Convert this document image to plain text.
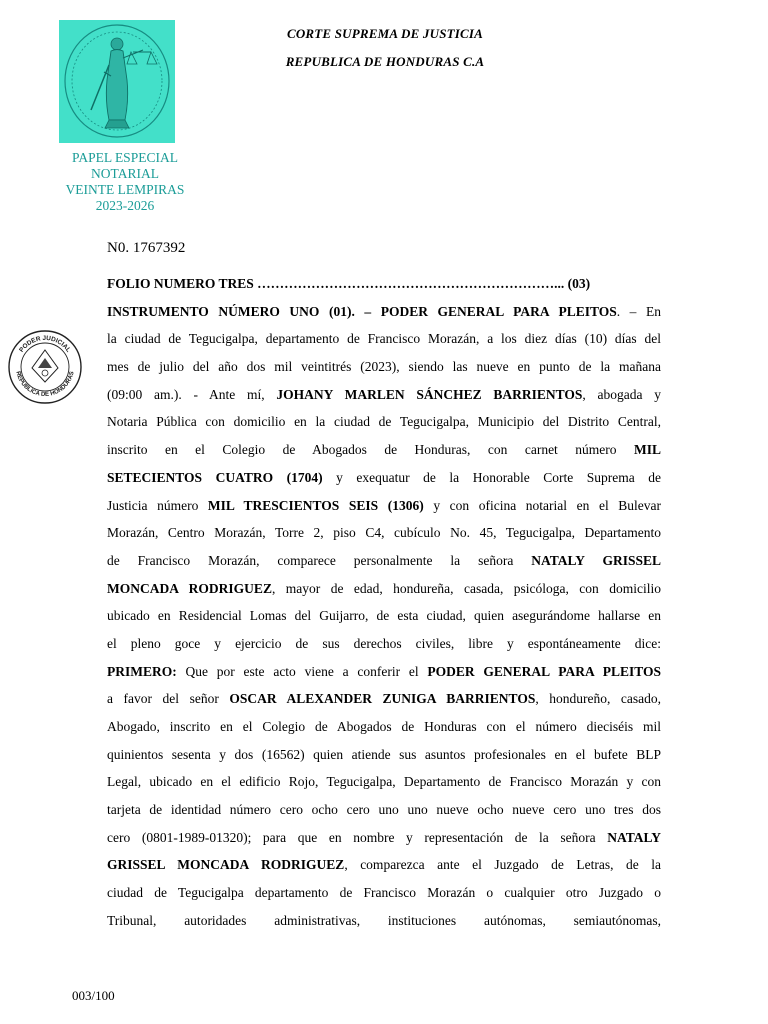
PAPEL ESPECIAL
NOTARIAL
VEINTE LEMPIRAS
2023-2026
CORTE SUPREMA DE JUSTICIA
REPUBLICA DE HONDURAS C.A
PODER JUDICIAL
REPÚBLICA DE HONDURAS
N0. 1767392
FOLIO NUMERO TRES …………………………………………………………... (03)
INSTRUMENTO NÚMERO UNO (01). – PODER GENERAL PARA PLEITOS. – En
la ciudad de Tegucigalpa, departamento de Francisco Morazán, a los diez días (10) días del
mes de julio del año dos mil veintitrés (2023), siendo las nueve en punto de la mañana
(09:00 am.). - Ante mí, JOHANY MARLEN SÁNCHEZ BARRIENTOS, abogada y
Notaria Pública con domicilio en la ciudad de Tegucigalpa, Municipio del Distrito Central,
inscrito en el Colegio de Abogados de Honduras, con carnet número MIL
SETECIENTOS CUATRO (1704) y exequatur de la Honorable Corte Suprema de
Justicia número MIL TRESCIENTOS SEIS (1306) y con oficina notarial en el Bulevar
Morazán, Centro Morazán, Torre 2, piso C4, cubículo No. 45, Tegucigalpa, Departamento
de Francisco Morazán, comparece personalmente la señora NATALY GRISSEL
MONCADA RODRIGUEZ, mayor de edad, hondureña, casada, psicóloga, con domicilio
ubicado en Residencial Lomas del Guijarro, de esta ciudad, quien asegurándome hallarse en
el pleno goce y ejercicio de sus derechos civiles, libre y espontáneamente dice:
PRIMERO: Que por este acto viene a conferir el PODER GENERAL PARA PLEITOS
a favor del señor OSCAR ALEXANDER ZUNIGA BARRIENTOS, hondureño, casado,
Abogado, inscrito en el Colegio de Abogados de Honduras con el número dieciséis mil
quinientos sesenta y dos (16562) quien atiende sus asuntos profesionales en el bufete BLP
Legal, ubicado en el edificio Rojo, Tegucigalpa, Departamento de Francisco Morazán y con
tarjeta de identidad número cero ocho cero uno uno nueve ocho nueve cero uno tres dos
cero (0801-1989-01320); para que en nombre y representación de la señora NATALY
GRISSEL MONCADA RODRIGUEZ, comparezca ante el Juzgado de Letras, de la
ciudad de Tegucigalpa departamento de Francisco Morazán o cualquier otro Juzgado o
Tribunal, autoridades administrativas, instituciones autónomas, semiautónomas,
003/100
